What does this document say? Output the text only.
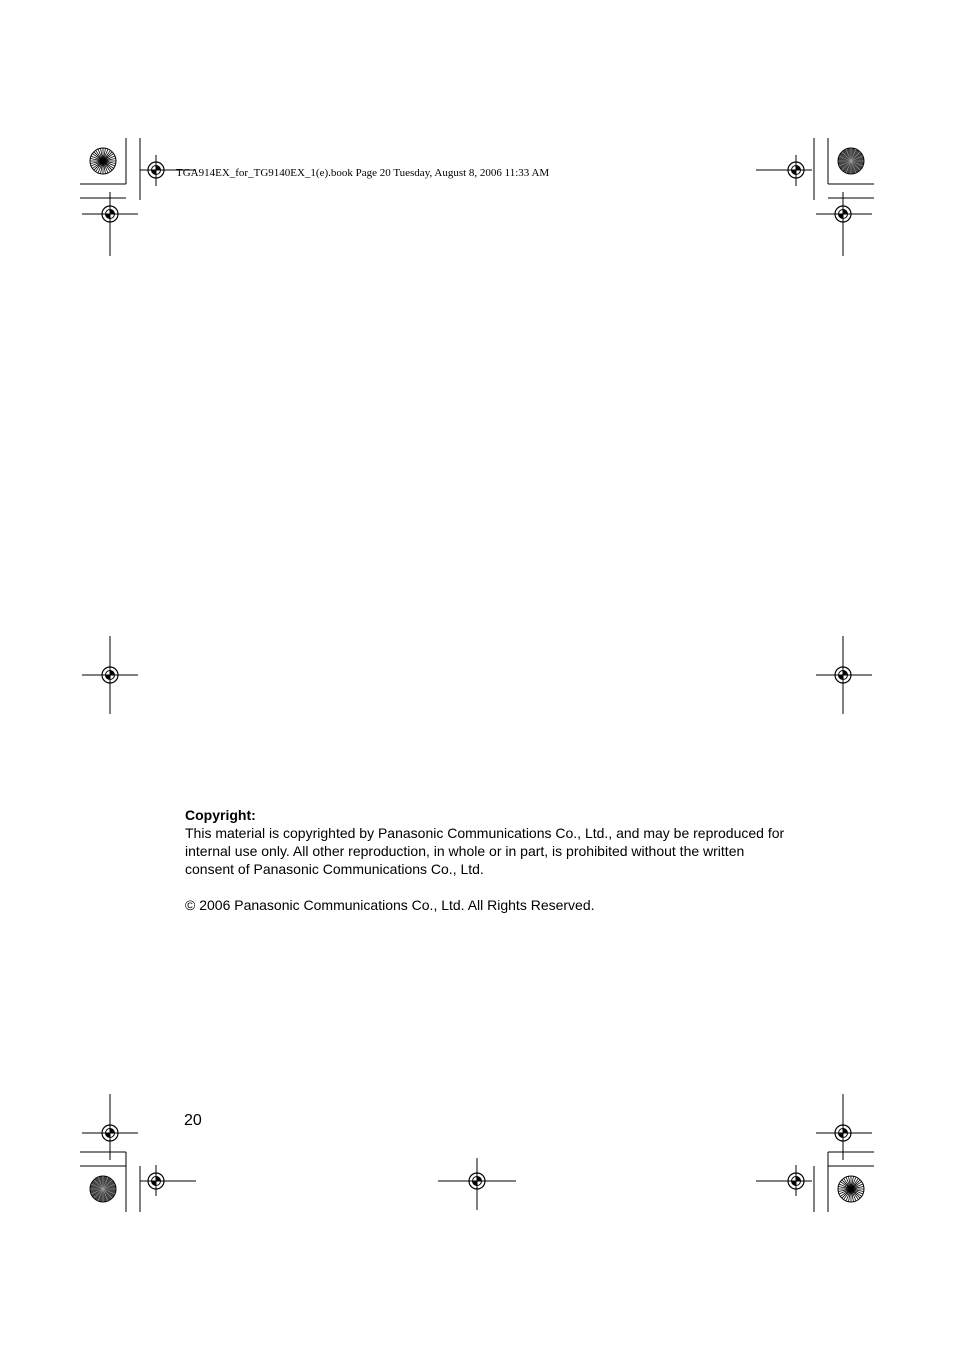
TGA914EX_for_TG9140EX_1(e).book Page 20 Tuesday, August 8, 2006 11:33 AM
Copyright:
This material is copyrighted by Panasonic Communications Co., Ltd., and may be reproduced for internal use only. All other reproduction, in whole or in part, is prohibited without the written consent of Panasonic Communications Co., Ltd.
© 2006 Panasonic Communications Co., Ltd. All Rights Reserved.
20
